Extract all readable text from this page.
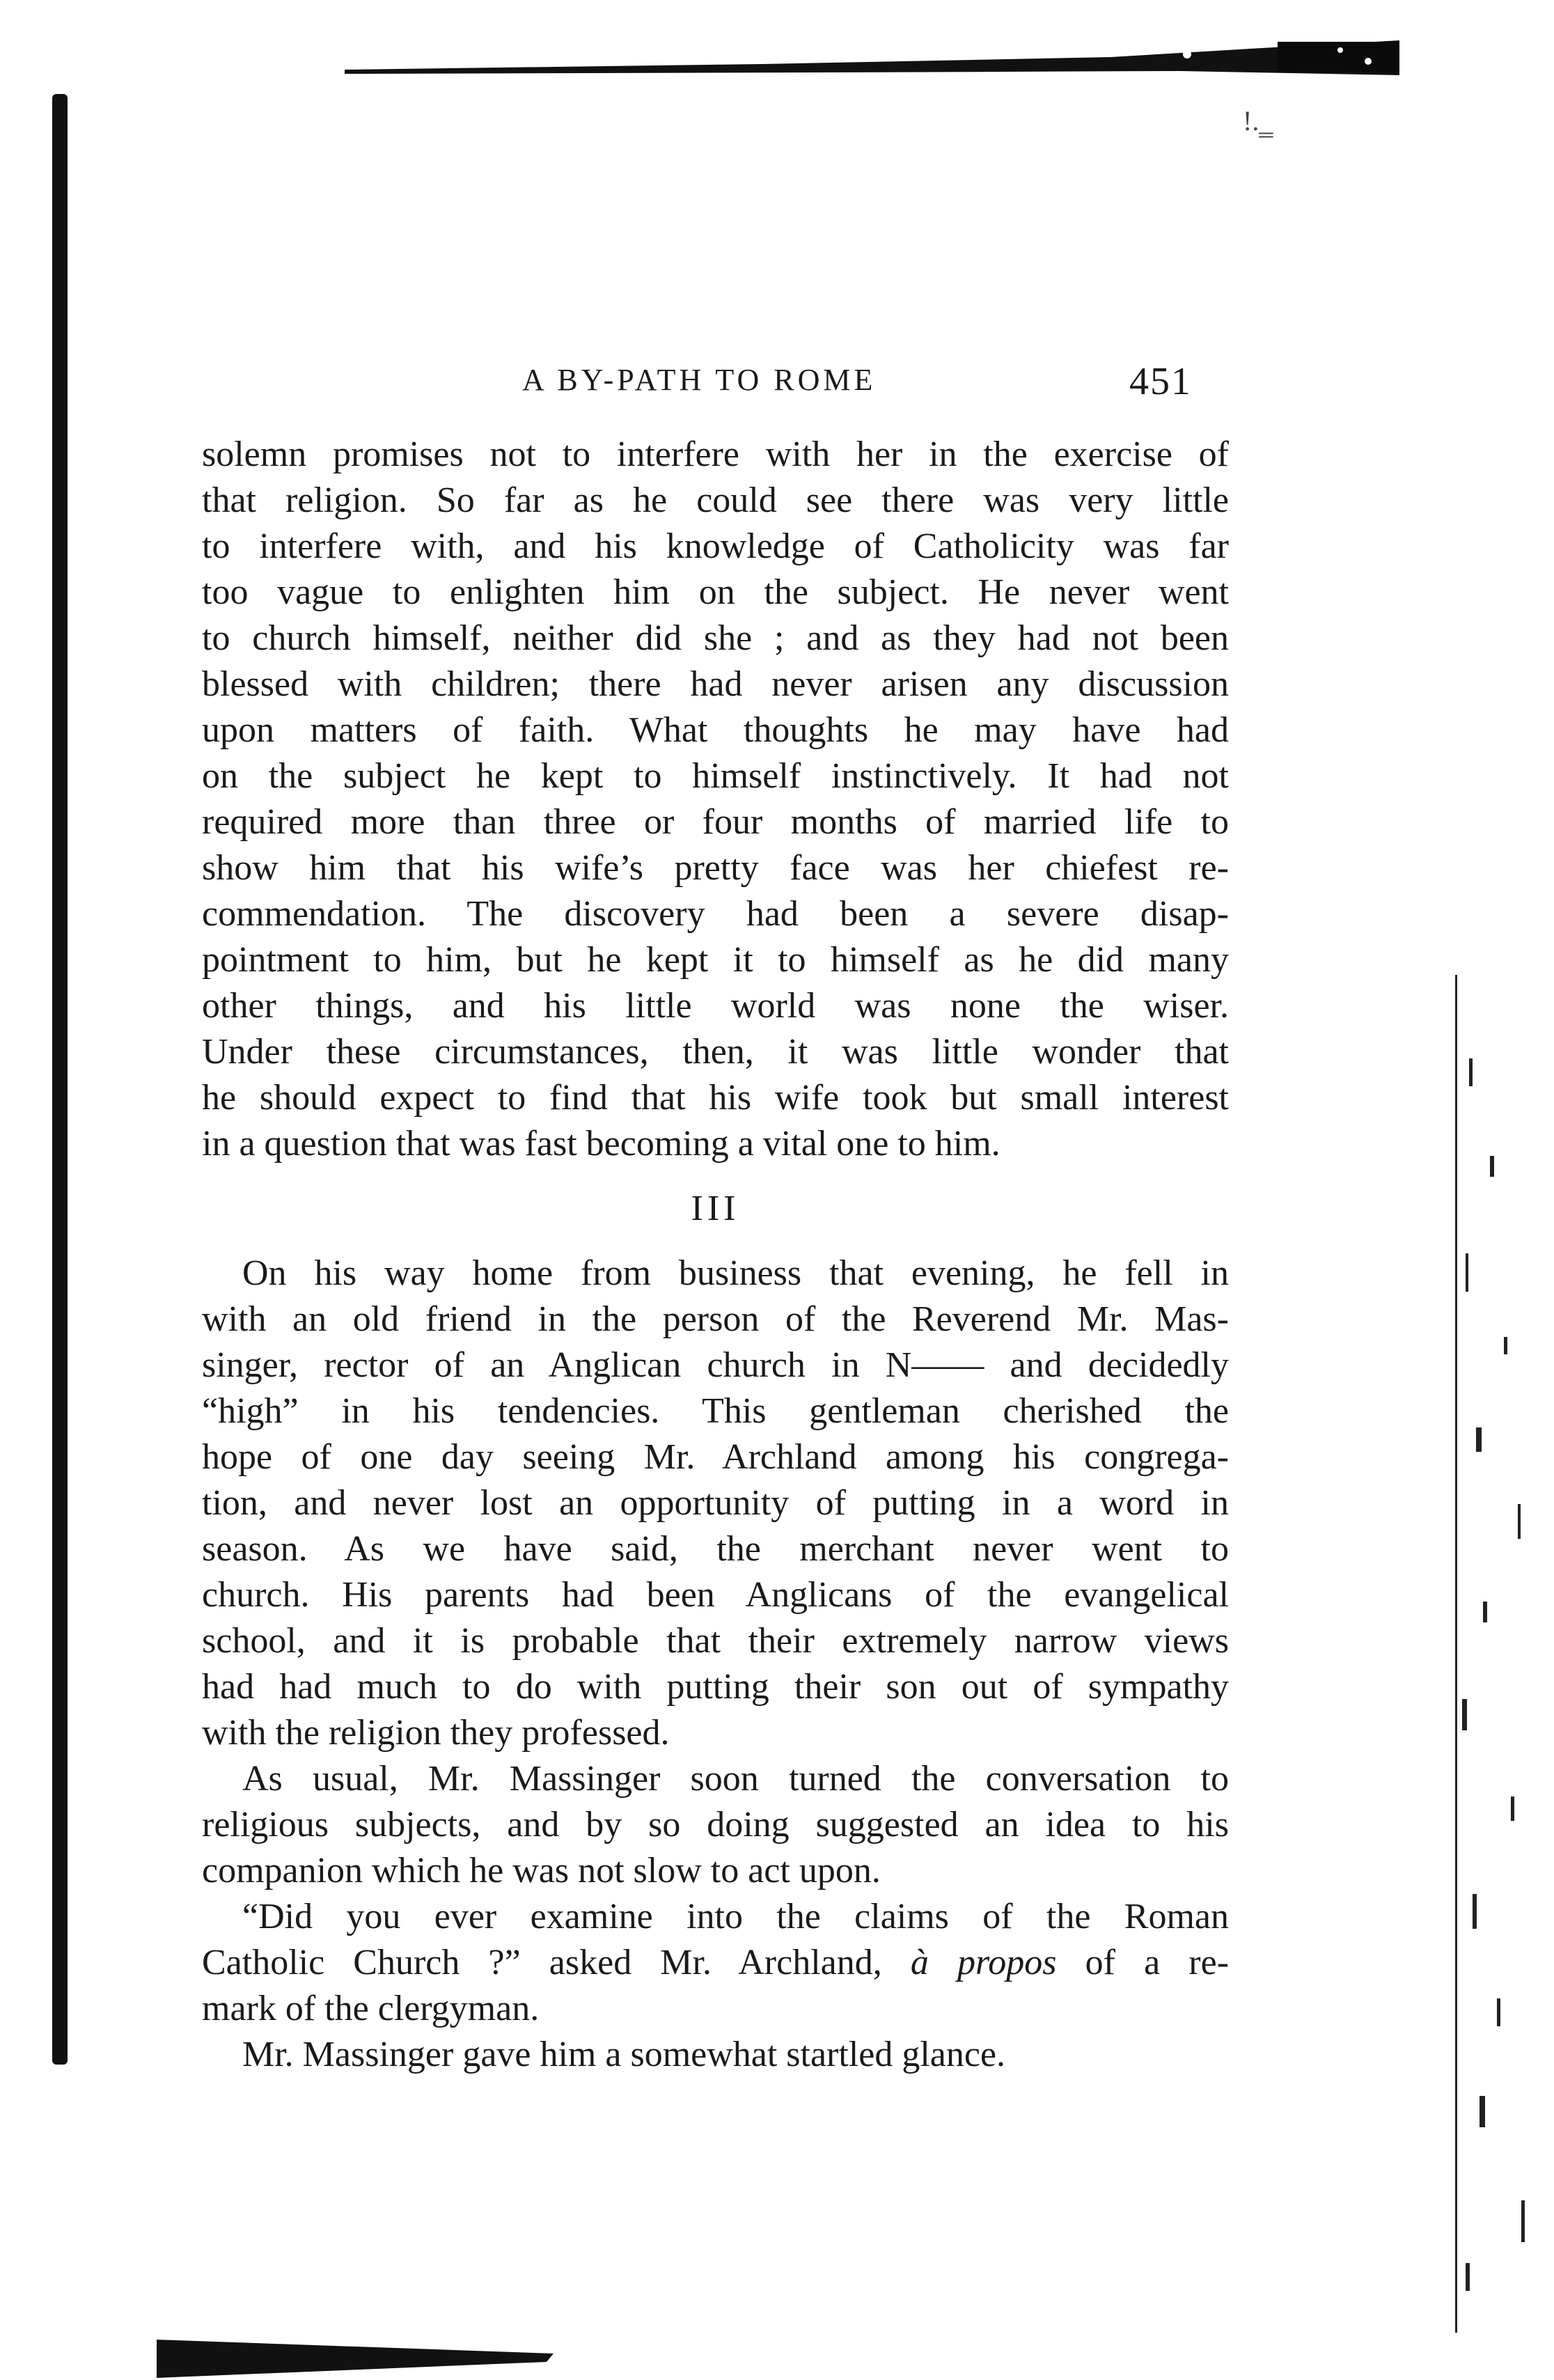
!.‗
A BY-PATH TO ROME	451
solemn promises not to interfere with her in the exercise of
that religion. So far as he could see there was very little
to interfere with, and his knowledge of Catholicity was far
too vague to enlighten him on the subject. He never went
to church himself, neither did she ; and as they had not been
blessed with children; there had never arisen any discussion
upon matters of faith. What thoughts he may have had
on the subject he kept to himself instinctively. It had not
required more than three or four months of married life to
show him that his wife’s pretty face was her chiefest re-
commendation. The discovery had been a severe disap-
pointment to him, but he kept it to himself as he did many
other things, and his little world was none the wiser.
Under these circumstances, then, it was little wonder that
he should expect to find that his wife took but small interest
in a question that was fast becoming a vital one to him.
III
On his way home from business that evening, he fell in
with an old friend in the person of the Reverend Mr. Mas-
singer, rector of an Anglican church in N—— and decidedly
“high” in his tendencies. This gentleman cherished the
hope of one day seeing Mr. Archland among his congrega-
tion, and never lost an opportunity of putting in a word in
season. As we have said, the merchant never went to
church. His parents had been Anglicans of the evangelical
school, and it is probable that their extremely narrow views
had had much to do with putting their son out of sympathy
with the religion they professed.
As usual, Mr. Massinger soon turned the conversation to
religious subjects, and by so doing suggested an idea to his
companion which he was not slow to act upon.
“Did you ever examine into the claims of the Roman
Catholic Church ?” asked Mr. Archland, à propos of a re-
mark of the clergyman.
Mr. Massinger gave him a somewhat startled glance.
